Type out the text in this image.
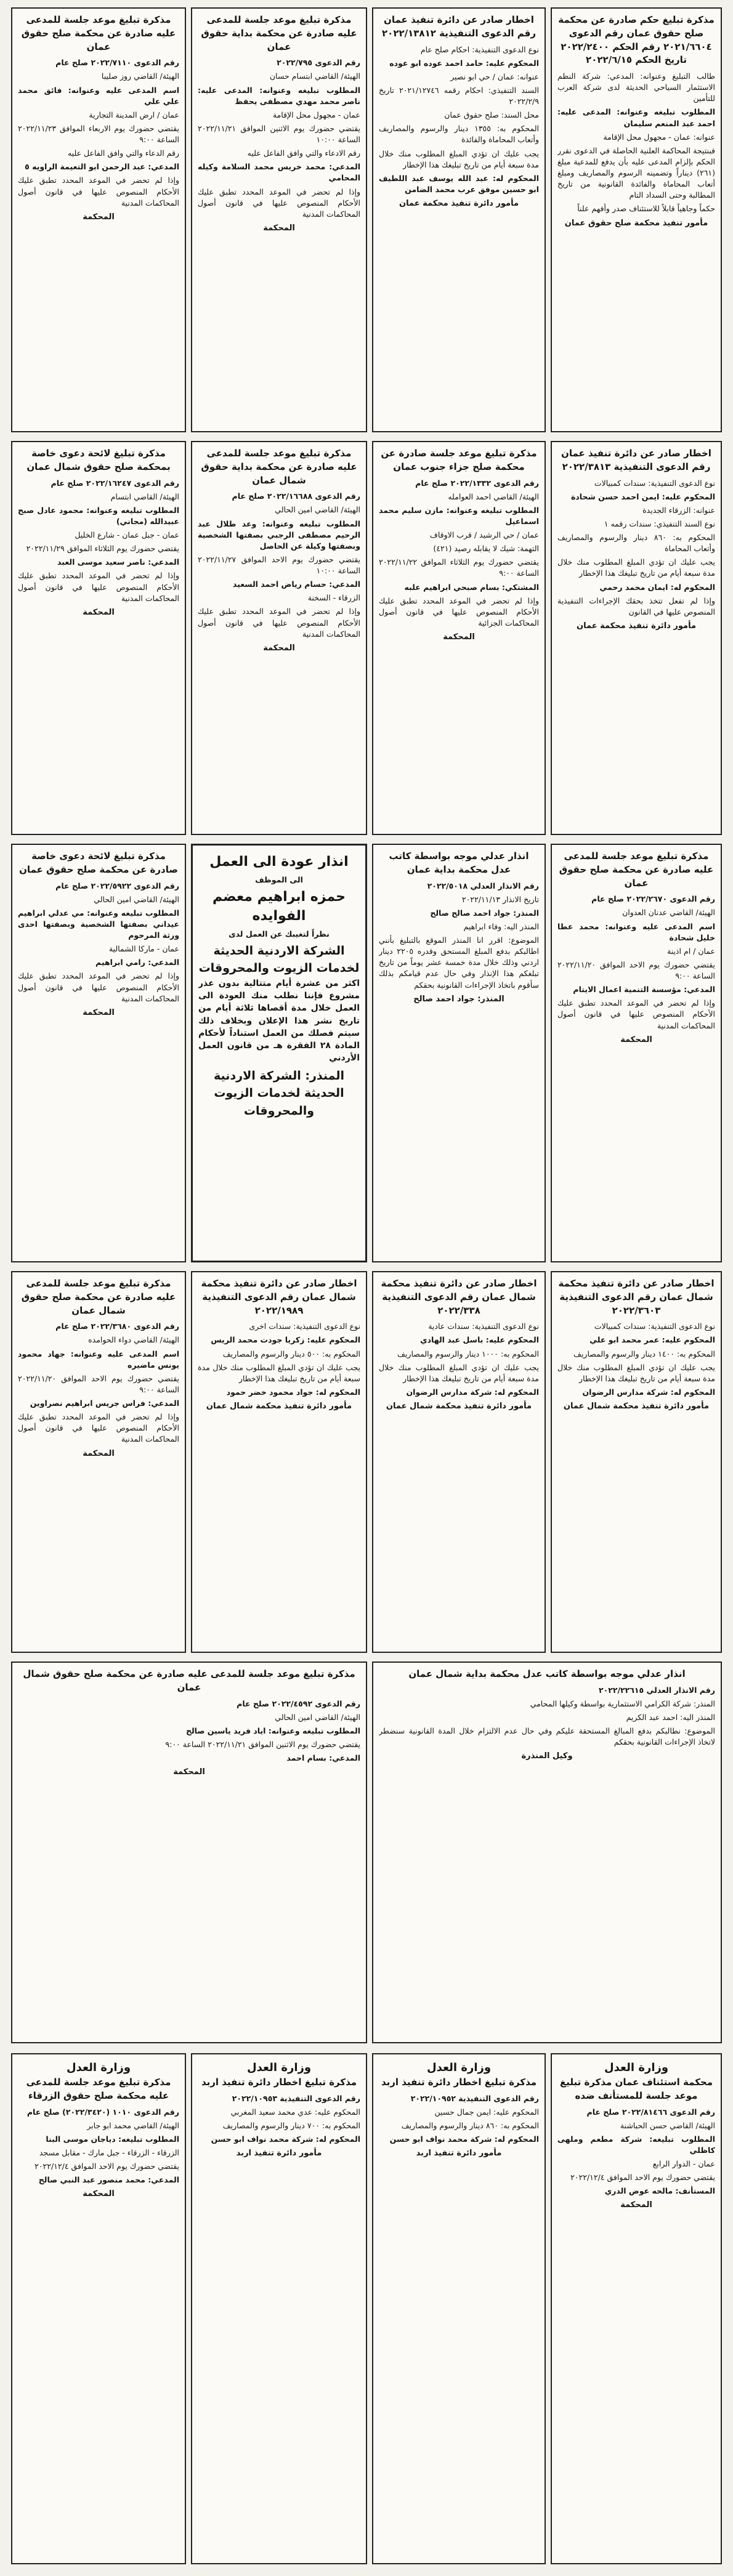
مذكرة تبليغ حكم صادرة عن محكمة صلح حقوق عمان رقم الدعوى ٢٠٢١/٦٦٠٤ رقم الحكم ٢٠٢٢/٢٤٠٠ تاريخ الحكم ٢٠٢٢/٦/١٥
طالب التبليغ وعنوانه: المدعي: شركة النظم الاستثمار السياحي الحديثة لدى شركة العرب للتأمين
المطلوب تبليغه وعنوانه: المدعى عليه: احمد عبد المنعم سليمان
عنوانه: عمان - مجهول محل الإقامة
فبنتيجة المحاكمة العلنية الحاصلة في الدعوى نقرر الحكم بإلزام المدعى عليه بأن يدفع للمدعية مبلغ (٢٦١) ديناراً وتضمينه الرسوم والمصاريف ومبلغ أتعاب المحاماة والفائدة القانونية من تاريخ المطالبة وحتى السداد التام
حكماً وجاهياً قابلاً للاستئناف صدر وأفهم علناً
مأمور تنفيذ محكمة صلح حقوق عمان
اخطار صادر عن دائرة تنفيذ عمان رقم الدعوى التنفيذية ٢٠٢٢/١٣٨١٢
نوع الدعوى التنفيذية: احكام صلح عام
المحكوم عليه: حامد احمد عوده ابو عوده
عنوانه: عمان / حي ابو نصير
السند التنفيذي: احكام رقمه ٢٠٢١/١٢٧٤٦ تاريخ ٢٠٢٢/٢/٩
محل السند: صلح حقوق عمان
المحكوم به: ١٣٥٥ دينار والرسوم والمصاريف وأتعاب المحاماة والفائدة
يجب عليك ان تؤدي المبلغ المطلوب منك خلال مدة سبعة أيام من تاريخ تبليغك هذا الإخطار
المحكوم له: عبد الله يوسف عبد اللطيف ابو حسين موفق عرب محمد الضامن
مأمور دائرة تنفيذ محكمة عمان
مذكرة تبليغ موعد جلسة للمدعى عليه صادرة عن محكمة بداية حقوق عمان
رقم الدعوى ٢٠٢٢/٧٩٥
الهيئة/ القاضي ابتسام حسان
المطلوب تبليغه وعنوانه: المدعى عليه: ناصر محمد مهدي مصطفى يحفظ
عمان - مجهول محل الإقامة
يقتضي حضورك يوم الاثنين الموافق ٢٠٢٢/١١/٢١ الساعة ١٠:٠٠
رقم الادعاء والتي وافق الفاعل عليه
المدعي: محمد خريس محمد السلامة وكيله المحامي
وإذا لم تحضر في الموعد المحدد تطبق عليك الأحكام المنصوص عليها في قانون أصول المحاكمات المدنية
المحكمة
مذكرة تبليغ موعد جلسة للمدعى عليه صادرة عن محكمة صلح حقوق عمان
رقم الدعوى ٢٠٢٢/٧١١٠ صلح عام
الهيئة/ القاضي روز صليبا
اسم المدعى عليه وعنوانه: فائق محمد علي علي
عمان / ارض المدينة التجارية
يقتضي حضورك يوم الاربعاء الموافق ٢٠٢٢/١١/٢٣ الساعة ٩:٠٠
رقم الدعاء والتي وافق الفاعل عليه
المدعي: عبد الرحمن ابو التعيمة الراويه ٥
وإذا لم تحضر في الموعد المحدد تطبق عليك الأحكام المنصوص عليها في قانون أصول المحاكمات المدنية
المحكمة
اخطار صادر عن دائرة تنفيذ عمان رقم الدعوى التنفيذية ٢٠٢٢/٣٨١٣
نوع الدعوى التنفيذية: سندات كمبيالات
المحكوم عليه: ايمن احمد حسن شحادة
عنوانه: الزرقاء الجديدة
نوع السند التنفيذي: سندات رقمه ١
المحكوم به: ٨٦٠ دينار والرسوم والمصاريف وأتعاب المحاماة
يجب عليك ان تؤدي المبلغ المطلوب منك خلال مدة سبعة أيام من تاريخ تبليغك هذا الإخطار
المحكوم له: ايمان محمد رحمي
وإذا لم تفعل تتخذ بحقك الإجراءات التنفيذية المنصوص عليها في القانون
مأمور دائرة تنفيذ محكمة عمان
مذكرة تبليغ موعد جلسة صادرة عن محكمة صلح جزاء جنوب عمان
رقم الدعوى ٢٠٢٢/١٣٣٢ صلح عام
الهيئة/ القاضي احمد العوامله
المطلوب تبليغه وعنوانه: مازن سليم محمد اسماعيل
عمان / حي الرشيد / قرب الاوقاف
التهمة: شيك لا يقابله رصيد (٤٢١)
يقتضي حضورك يوم الثلاثاء الموافق ٢٠٢٢/١١/٢٢ الساعة ٩:٠٠
المشتكي: بسام صبحي ابراهيم علبه
وإذا لم تحضر في الموعد المحدد تطبق عليك الأحكام المنصوص عليها في قانون أصول المحاكمات الجزائية
المحكمة
مذكرة تبليغ موعد جلسة للمدعى عليه صادرة عن محكمة بداية حقوق شمال عمان
رقم الدعوى ٢٠٢٢/١٦٦٨٨ صلح عام
الهيئة/ القاضي امين الحالي
المطلوب تبليغه وعنوانه: وعد طلال عبد الرحيم مصطفى الرجبي بصفتها الشخصية وبصفتها وكيلة عن الحاصل
يقتضي حضورك يوم الاحد الموافق ٢٠٢٢/١١/٢٧ الساعة ١٠:٠٠
المدعي: حسام رياض احمد السعيد
الزرقاء - السخنة
وإذا لم تحضر في الموعد المحدد تطبق عليك الأحكام المنصوص عليها في قانون أصول المحاكمات المدنية
المحكمة
مذكرة تبليغ لائحة دعوى خاصة بمحكمة صلح حقوق شمال عمان
رقم الدعوى ٢٠٢٢/١٦٢٤٧ صلح عام
الهيئة/ القاضي ابتسام
المطلوب تبليغه وعنوانه: محمود عادل صبح عبيدالله (مجاني)
عمان - جبل عمان - شارع الخليل
يقتضي حضورك يوم الثلاثاء الموافق ٢٠٢٢/١١/٢٩
المدعي: ناصر سعيد موسى العبد
وإذا لم تحضر في الموعد المحدد تطبق عليك الأحكام المنصوص عليها في قانون أصول المحاكمات المدنية
المحكمة
مذكرة تبليغ موعد جلسة للمدعى عليه صادرة عن محكمة صلح حقوق عمان
رقم الدعوى ٢٠٢٢/٢٦٧٠ صلح عام
الهيئة/ القاضي عدنان العدوان
اسم المدعى عليه وعنوانه: محمد عطا خليل شحادة
عمان / ام اذينة
يقتضي حضورك يوم الاحد الموافق ٢٠٢٢/١١/٢٠ الساعة ٩:٠٠
المدعي: مؤسسة التنمية اعمال الايتام
وإذا لم تحضر في الموعد المحدد تطبق عليك الأحكام المنصوص عليها في قانون أصول المحاكمات المدنية
المحكمة
انذار عدلي موجه بواسطة كاتب عدل محكمة بداية عمان
رقم الانذار العدلي ٢٠٢٢/٥٠١٨
تاريخ الانذار ٢٠٢٢/١١/١٣
المنذر: جواد احمد صالح صالح
المنذر اليه: وفاء ابراهيم
الموضوع: اقرر انا المنذر الموقع بالتبليغ بأنني اطالبكم بدفع المبلغ المستحق وقدره ٢٢٠٥ دينار اردني وذلك خلال مدة خمسة عشر يوماً من تاريخ تبلغكم هذا الإنذار وفي حال عدم قيامكم بذلك سأقوم باتخاذ الإجراءات القانونية بحقكم
المنذر: جواد احمد صالح
انذار عودة الى العمل
الى الموظف
حمزه ابراهيم معضم الفوايده
نظراً لتغيبك عن العمل لدى
الشركة الاردنية الحديثة لخدمات الزيوت والمحروقات
اكثر من عشرة أيام متتالية بدون عذر مشروع فإننا نطلب منك العودة الى العمل خلال مدة أقصاها ثلاثة أيام من تاريخ نشر هذا الإعلان وبخلاف ذلك سيتم فصلك من العمل استناداً لأحكام المادة ٢٨ الفقرة هـ من قانون العمل الأردني
المنذر: الشركة الاردنية الحديثة لخدمات الزيوت والمحروقات
مذكرة تبليغ لائحة دعوى خاصة صادرة عن محكمة صلح حقوق عمان
رقم الدعوى ٢٠٢٢/٥٩٢٢ صلح عام
الهيئة/ القاضي امين الحالي
المطلوب تبليغه وعنوانه: مي عدلي ابراهيم عيداني بصفتها الشخصية وبصفتها احدى ورثة المرحوم
عمان - ماركا الشمالية
المدعي: رامي ابراهيم
وإذا لم تحضر في الموعد المحدد تطبق عليك الأحكام المنصوص عليها في قانون أصول المحاكمات المدنية
المحكمة
اخطار صادر عن دائرة تنفيذ محكمة شمال عمان رقم الدعوى التنفيذية ٢٠٢٢/٣٦٠٣
نوع الدعوى التنفيذية: سندات كمبيالات
المحكوم عليه: عمر محمد ابو علي
المحكوم به: ١٤٠٠ دينار والرسوم والمصاريف
يجب عليك ان تؤدي المبلغ المطلوب منك خلال مدة سبعة أيام من تاريخ تبليغك هذا الإخطار
المحكوم له: شركة مدارس الرضوان
مأمور دائرة تنفيذ محكمة شمال عمان
اخطار صادر عن دائرة تنفيذ محكمة شمال عمان رقم الدعوى التنفيذية ٢٠٢٢/٣٣٨
نوع الدعوى التنفيذية: سندات عادية
المحكوم عليه: باسل عبد الهادي
المحكوم به: ١٠٠٠ دينار والرسوم والمصاريف
يجب عليك ان تؤدي المبلغ المطلوب منك خلال مدة سبعة أيام من تاريخ تبليغك هذا الإخطار
المحكوم له: شركة مدارس الرضوان
مأمور دائرة تنفيذ محكمة شمال عمان
اخطار صادر عن دائرة تنفيذ محكمة شمال عمان رقم الدعوى التنفيذية ٢٠٢٢/١٩٨٩
نوع الدعوى التنفيذية: سندات اخرى
المحكوم عليه: زكريا جودت محمد الريس
المحكوم به: ٥٠٠ دينار والرسوم والمصاريف
يجب عليك ان تؤدي المبلغ المطلوب منك خلال مدة سبعة أيام من تاريخ تبليغك هذا الإخطار
المحكوم له: جواد محمود خضر حمود
مأمور دائرة تنفيذ محكمة شمال عمان
مذكرة تبليغ موعد جلسة للمدعى عليه صادرة عن محكمة صلح حقوق شمال عمان
رقم الدعوى ٢٠٢٢/٣٦٨٠ صلح عام
الهيئة/ القاضي دواء الحوامده
اسم المدعى عليه وعنوانه: جهاد محمود يونس ماضيره
يقتضي حضورك يوم الاحد الموافق ٢٠٢٢/١١/٢٠ الساعة ٩:٠٠
المدعي: فراس جريس ابراهيم نصراوين
وإذا لم تحضر في الموعد المحدد تطبق عليك الأحكام المنصوص عليها في قانون أصول المحاكمات المدنية
المحكمة
انذار عدلي موجه بواسطة كاتب عدل محكمة بداية شمال عمان
رقم الانذار العدلي ٢٠٢٢/٢٢٦١٥
المنذر: شركة الكرامي الاستثمارية بواسطة وكيلها المحامي
المنذر اليه: احمد عبد الكريم
الموضوع: نطالبكم بدفع المبالغ المستحقة عليكم وفي حال عدم الالتزام خلال المدة القانونية سنضطر لاتخاذ الإجراءات القانونية بحقكم
وكيل المنذرة
مذكرة تبليغ موعد جلسة للمدعى عليه صادرة عن محكمة صلح حقوق شمال عمان
رقم الدعوى ٢٠٢٢/٤٥٩٢ صلح عام
الهيئة/ القاضي امين الحالي
المطلوب تبليغه وعنوانه: اياد فريد ياسين صالح
يقتضي حضورك يوم الاثنين الموافق ٢٠٢٢/١١/٢١ الساعة ٩:٠٠
المدعي: بسام احمد
المحكمة
وزارة العدل
مذكرة تبليغ موعد جلسة للمدعى عليه محكمة صلح حقوق الزرقاء
رقم الدعوى ١٠١٠ (٢٠٢٢/٣٤٢٠) صلح عام
الهيئة/ القاضي محمد ابو جابر
المطلوب تبليغه: دياجان موسى البنا
الزرقاء - الزرقاء - جبل مارك - مقابل مسجد
يقتضي حضورك يوم الاحد الموافق ٢٠٢٢/١٢/٤
المدعي: محمد منصور عبد النبي صالح
المحكمة
وزارة العدل
مذكرة تبليغ اخطار دائرة تنفيذ اربد
رقم الدعوى التنفيذية ٢٠٢٢/١٠٩٥٣
المحكوم عليه: عدي محمد سعيد المغربي
المحكوم به: ٧٠٠ دينار والرسوم والمصاريف
المحكوم له: شركة محمد نواف ابو حسن
مأمور دائرة تنفيذ اربد
وزارة العدل
مذكرة تبليغ اخطار دائرة تنفيذ اربد
رقم الدعوى التنفيذية ٢٠٢٢/١٠٩٥٢
المحكوم عليه: ايمن جمال حسين
المحكوم به: ٨٦٠ دينار والرسوم والمصاريف
المحكوم له: شركة محمد نواف ابو حسن
مأمور دائرة تنفيذ اربد
وزارة العدل
محكمة استئناف عمان مذكرة تبليغ موعد جلسة للمستأنف ضده
رقم الدعوى ٢٠٢٢/٨١٤٦٦ صلح عام
الهيئة/ القاضي حسن الحباشنة
المطلوب تبليغه: شركة مطعم وملهى كاظلي
عمان - الدوار الرابع
يقتضي حضورك يوم الاحد الموافق ٢٠٢٢/١٢/٤
المستأنف: مالحه عوض الدري
المحكمة
